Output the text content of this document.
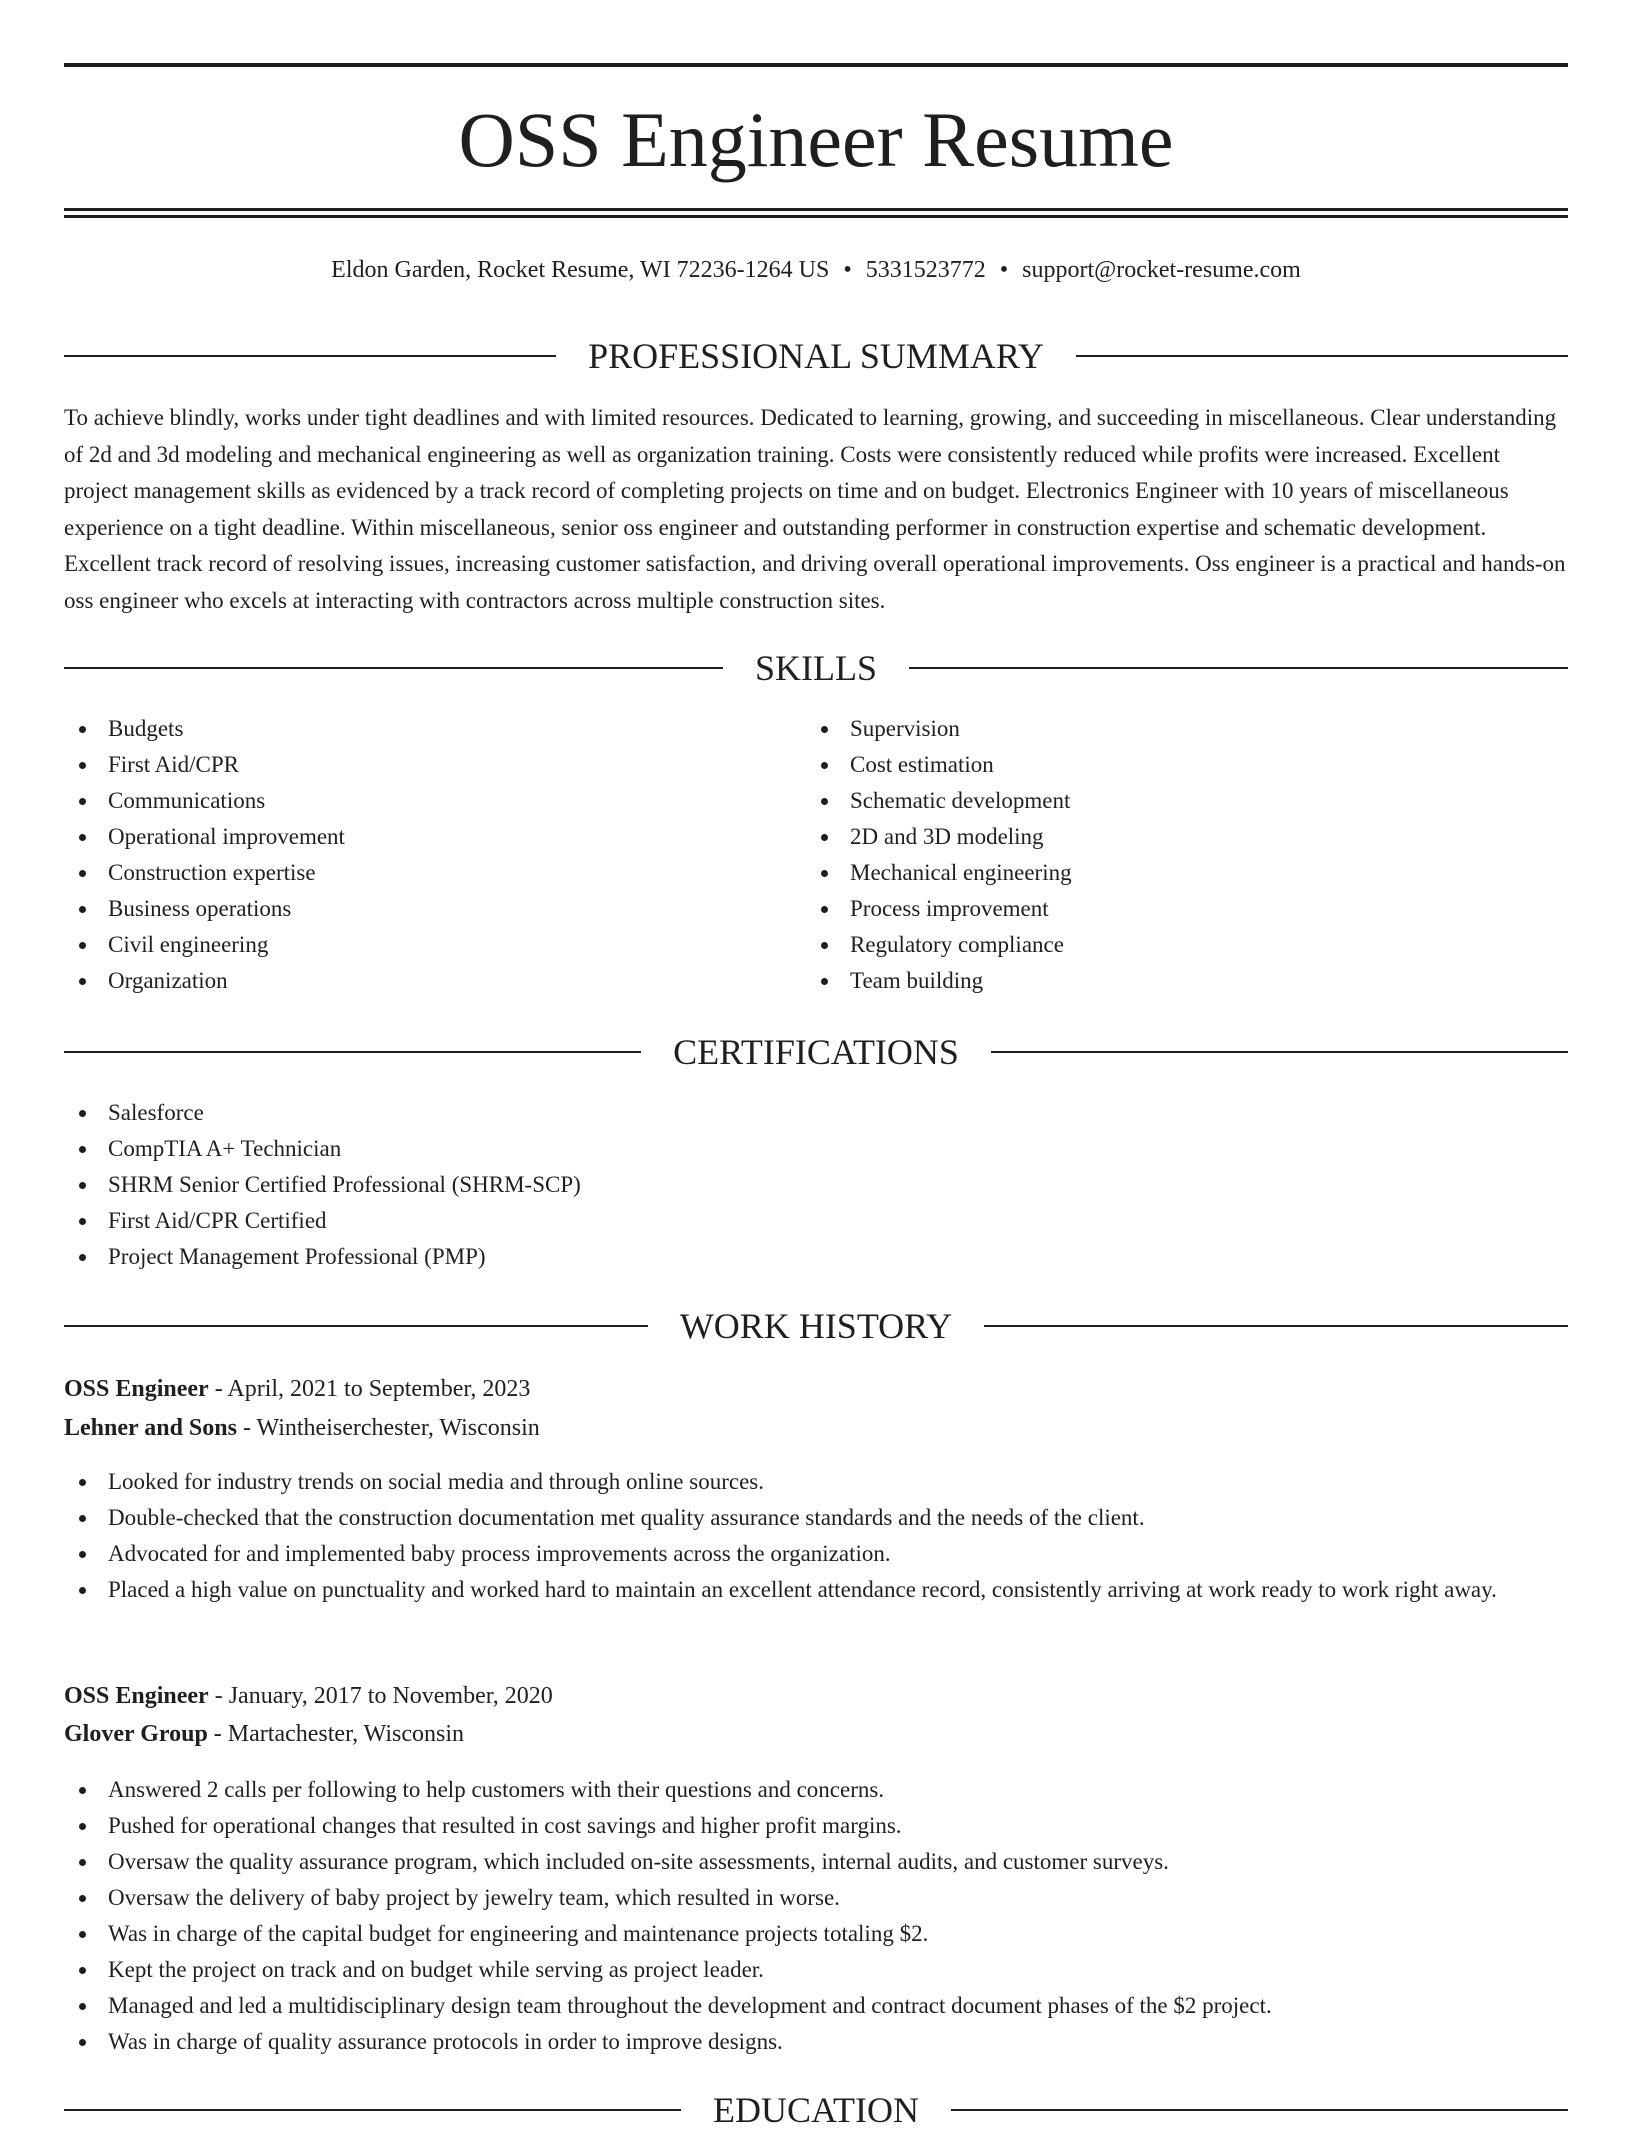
OSS Engineer Resume
Eldon Garden, Rocket Resume, WI 72236-1264 US • 5331523772 • support@rocket-resume.com
PROFESSIONAL SUMMARY

To achieve blindly, works under tight deadlines and with limited resources. Dedicated to learning, growing, and succeeding in miscellaneous. Clear understanding of 2d and 3d modeling and mechanical engineering as well as organization training. Costs were consistently reduced while profits were increased. Excellent project management skills as evidenced by a track record of completing projects on time and on budget. Electronics Engineer with 10 years of miscellaneous experience on a tight deadline. Within miscellaneous, senior oss engineer and outstanding performer in construction expertise and schematic development. Excellent track record of resolving issues, increasing customer satisfaction, and driving overall operational improvements. Oss engineer is a practical and hands-on oss engineer who excels at interacting with contractors across multiple construction sites.

SKILLS
Budgets
First Aid/CPR
Communications
Operational improvement
Construction expertise
Business operations
Civil engineering
Organization
Supervision
Cost estimation
Schematic development
2D and 3D modeling
Mechanical engineering
Process improvement
Regulatory compliance
Team building
CERTIFICATIONS
Salesforce
CompTIA A+ Technician
SHRM Senior Certified Professional (SHRM-SCP)
First Aid/CPR Certified
Project Management Professional (PMP)
WORK HISTORY
OSS Engineer - April, 2021 to September, 2023
Lehner and Sons - Wintheiserchester, Wisconsin
Looked for industry trends on social media and through online sources.
Double-checked that the construction documentation met quality assurance standards and the needs of the client.
Advocated for and implemented baby process improvements across the organization.
Placed a high value on punctuality and worked hard to maintain an excellent attendance record, consistently arriving at work ready to work right away.
OSS Engineer - January, 2017 to November, 2020
Glover Group - Martachester, Wisconsin
Answered 2 calls per following to help customers with their questions and concerns.
Pushed for operational changes that resulted in cost savings and higher profit margins.
Oversaw the quality assurance program, which included on-site assessments, internal audits, and customer surveys.
Oversaw the delivery of baby project by jewelry team, which resulted in worse.
Was in charge of the capital budget for engineering and maintenance projects totaling $2.
Kept the project on track and on budget while serving as project leader.
Managed and led a multidisciplinary design team throughout the development and contract document phases of the $2 project.
Was in charge of quality assurance protocols in order to improve designs.
EDUCATION
